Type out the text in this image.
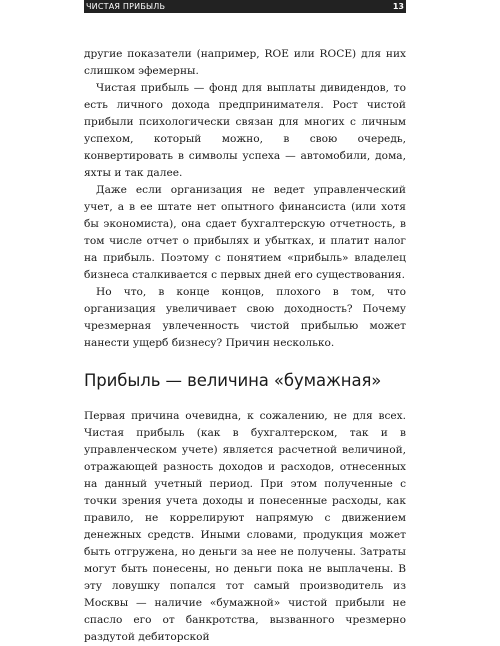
ЧИСТАЯ ПРИБЫЛЬ	13

другие показатели (например, ROE или ROCE) для них слишком эфемерны.

Чистая прибыль — фонд для выплаты дивидендов, то есть личного дохода предпринимателя. Рост чистой прибыли психологически связан для многих с личным успехом, который можно, в свою очередь, конвертировать в символы успеха — автомобили, дома, яхты и так далее.

Даже если организация не ведет управленческий учет, а в ее штате нет опытного финансиста (или хотя бы экономиста), она сдает бухгалтерскую отчетность, в том числе отчет о прибылях и убытках, и платит налог на прибыль. Поэтому с понятием «прибыль» владелец бизнеса сталкивается с первых дней его существования.

Но что, в конце концов, плохого в том, что организация увеличивает свою доходность? Почему чрезмерная увлеченность чистой прибылью может нанести ущерб бизнесу? Причин несколько.

Прибыль — величина «бумажная»

Первая причина очевидна, к сожалению, не для всех. Чистая прибыль (как в бухгалтерском, так и в управленческом учете) является расчетной величиной, отражающей разность доходов и расходов, отнесенных на данный учетный период. При этом полученные с точки зрения учета доходы и понесенные расходы, как правило, не коррелируют напрямую с движением денежных средств. Иными словами, продукция может быть отгружена, но деньги за нее не получены. Затраты могут быть понесены, но деньги пока не выплачены. В эту ловушку попался тот самый производитель из Москвы — наличие «бумажной» чистой прибыли не спасло его от банкротства, вызванного чрезмерно раздутой дебиторской
